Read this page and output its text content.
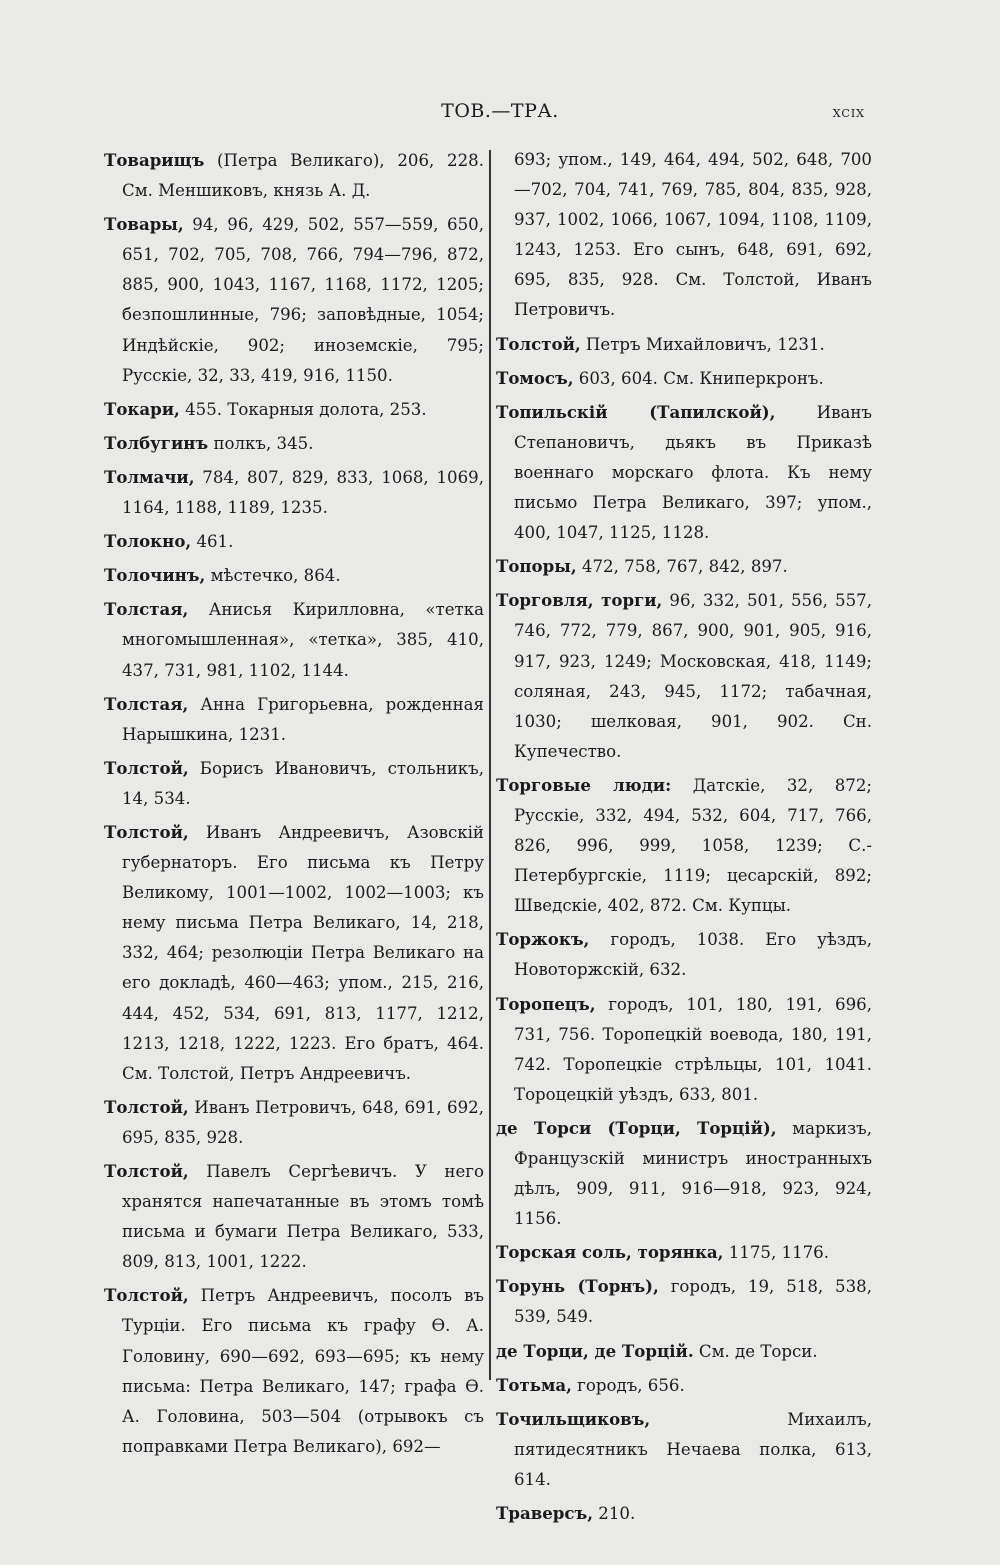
ТОВ.—ТРА.	xcix

Товарищъ (Петра Великаго), 206, 228. См. Меншиковъ, князь А. Д.

Товары, 94, 96, 429, 502, 557—559, 650, 651, 702, 705, 708, 766, 794—796, 872, 885, 900, 1043, 1167, 1168, 1172, 1205; безпошлинные, 796; заповѣдные, 1054; Индѣйскіе, 902; иноземскіе, 795; Русскіе, 32, 33, 419, 916, 1150.

Токари, 455. Токарныя долота, 253.

Толбугинъ полкъ, 345.

Толмачи, 784, 807, 829, 833, 1068, 1069, 1164, 1188, 1189, 1235.

Толокно, 461.

Толочинъ, мѣстечко, 864.

Толстая, Анисья Кирилловна, «тетка многомышленная», «тетка», 385, 410, 437, 731, 981, 1102, 1144.

Толстая, Анна Григорьевна, рожденная Нарышкина, 1231.

Толстой, Борисъ Ивановичъ, стольникъ, 14, 534.

Толстой, Иванъ Андреевичъ, Азовскій губернаторъ. Его письма къ Петру Великому, 1001—1002, 1002—1003; къ нему письма Петра Великаго, 14, 218, 332, 464; резолюціи Петра Великаго на его докладѣ, 460—463; упом., 215, 216, 444, 452, 534, 691, 813, 1177, 1212, 1213, 1218, 1222, 1223. Его братъ, 464. См. Толстой, Петръ Андреевичъ.

Толстой, Иванъ Петровичъ, 648, 691, 692, 695, 835, 928.

Толстой, Павелъ Сергѣевичъ. У него хранятся напечатанные въ этомъ томѣ письма и бумаги Петра Великаго, 533, 809, 813, 1001, 1222.

Толстой, Петръ Андреевичъ, посолъ въ Турціи. Его письма къ графу Ѳ. А. Головину, 690—692, 693—695; къ нему письма: Петра Великаго, 147; графа Ѳ. А. Головина, 503—504 (отрывокъ съ поправками Петра Великаго), 692—

693; упом., 149, 464, 494, 502, 648, 700—702, 704, 741, 769, 785, 804, 835, 928, 937, 1002, 1066, 1067, 1094, 1108, 1109, 1243, 1253. Его сынъ, 648, 691, 692, 695, 835, 928. См. Толстой, Иванъ Петровичъ.

Толстой, Петръ Михайловичъ, 1231.

Томосъ, 603, 604. См. Книперкронъ.

Топильскій (Тапилской), Иванъ Степановичъ, дьякъ въ Приказѣ военнаго морскаго флота. Къ нему письмо Петра Великаго, 397; упом., 400, 1047, 1125, 1128.

Топоры, 472, 758, 767, 842, 897.

Торговля, торги, 96, 332, 501, 556, 557, 746, 772, 779, 867, 900, 901, 905, 916, 917, 923, 1249; Московская, 418, 1149; соляная, 243, 945, 1172; табачная, 1030; шелковая, 901, 902. Сн. Купечество.

Торговые люди: Датскіе, 32, 872; Русскіе, 332, 494, 532, 604, 717, 766, 826, 996, 999, 1058, 1239; С.-Петербургскіе, 1119; цесарскій, 892; Шведскіе, 402, 872. См. Купцы.

Торжокъ, городъ, 1038. Его уѣздъ, Новоторжскій, 632.

Торопецъ, городъ, 101, 180, 191, 696, 731, 756. Торопецкій воевода, 180, 191, 742. Торопецкіе стрѣльцы, 101, 1041. Тороцецкій уѣздъ, 633, 801.

де Торси (Торци, Торцій), маркизъ, Французскій министръ иностранныхъ дѣлъ, 909, 911, 916—918, 923, 924, 1156.

Торская соль, торянка, 1175, 1176.

Торунь (Торнъ), городъ, 19, 518, 538, 539, 549.

де Торци, де Торцій. См. де Торси.

Тотьма, городъ, 656.

Точильщиковъ, Михаилъ, пятидесятникъ Нечаева полка, 613, 614.

Траверсъ, 210.
